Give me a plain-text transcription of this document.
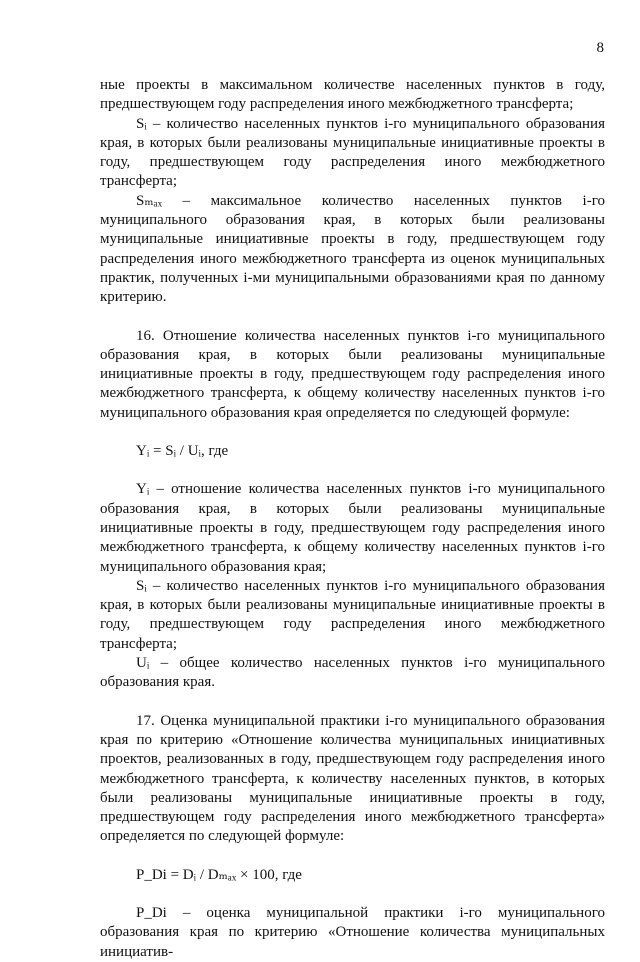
8

ные проекты в максимальном количестве населенных пунктов в году, предшествующем году распределения иного межбюджетного трансферта;

Sᵢ – количество населенных пунктов i-го муниципального образования края, в которых были реализованы муниципальные инициативные проекты в году, предшествующем году распределения иного межбюджетного трансферта;

Sₘₐₓ – максимальное количество населенных пунктов i-го муниципального образования края, в которых были реализованы муниципальные инициативные проекты в году, предшествующем году распределения иного межбюджетного трансферта из оценок муниципальных практик, полученных i-ми муниципальными образованиями края по данному критерию.

16. Отношение количества населенных пунктов i-го муниципального образования края, в которых были реализованы муниципальные инициативные проекты в году, предшествующем году распределения иного межбюджетного трансферта, к общему количеству населенных пунктов i-го муниципального образования края определяется по следующей формуле:

Yᵢ = Sᵢ / Uᵢ, где

Yᵢ – отношение количества населенных пунктов i-го муниципального образования края, в которых были реализованы муниципальные инициативные проекты в году, предшествующем году распределения иного межбюджетного трансферта, к общему количеству населенных пунктов i-го муниципального образования края;

Sᵢ – количество населенных пунктов i-го муниципального образования края, в которых были реализованы муниципальные инициативные проекты в году, предшествующем году распределения иного межбюджетного трансферта;

Uᵢ – общее количество населенных пунктов i-го муниципального образования края.

17. Оценка муниципальной практики i-го муниципального образования края по критерию «Отношение количества муниципальных инициативных проектов, реализованных в году, предшествующем году распределения иного межбюджетного трансферта, к количеству населенных пунктов, в которых были реализованы муниципальные инициативные проекты в году, предшествующем году распределения иного межбюджетного трансферта» определяется по следующей формуле:

P_Di = Dᵢ / Dₘₐₓ × 100, где

P_Di – оценка муниципальной практики i-го муниципального образования края по критерию «Отношение количества муниципальных инициатив-
